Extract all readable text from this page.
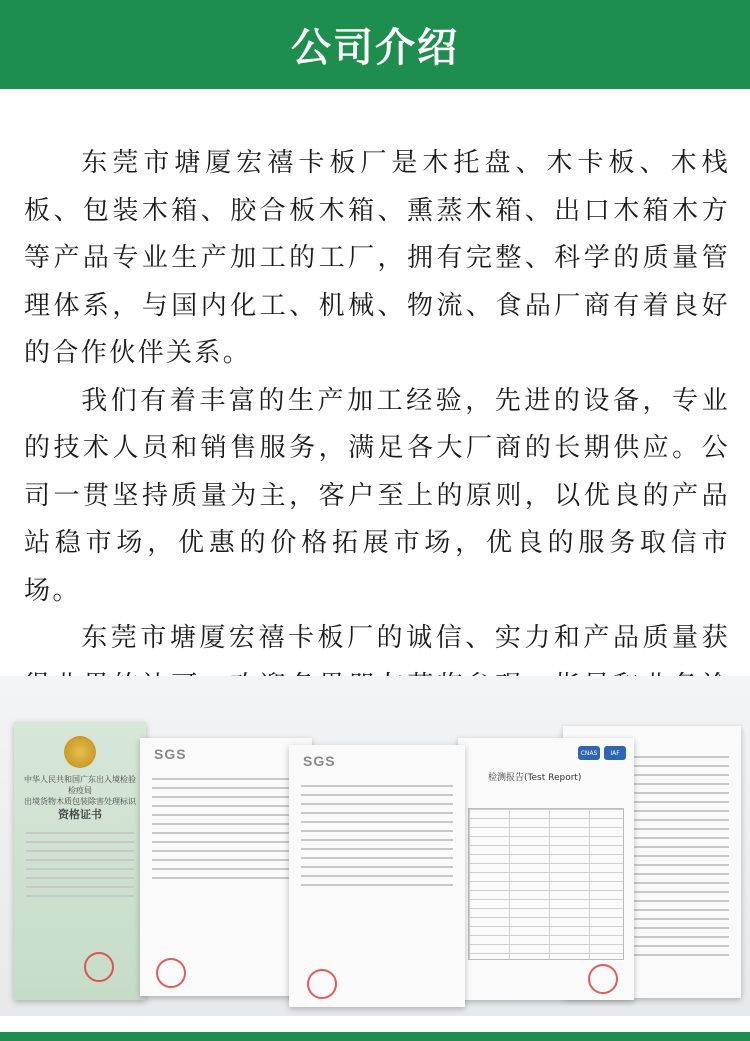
公司介绍

东莞市塘厦宏禧卡板厂是木托盘、木卡板、木栈板、包装木箱、胶合板木箱、熏蒸木箱、出口木箱木方等产品专业生产加工的工厂，拥有完整、科学的质量管理体系，与国内化工、机械、物流、食品厂商有着良好的合作伙伴关系。

我们有着丰富的生产加工经验，先进的设备，专业的技术人员和销售服务，满足各大厂商的长期供应。公司一贯坚持质量为主，客户至上的原则，以优良的产品站稳市场，优惠的价格拓展市场，优良的服务取信市场。

东莞市塘厦宏禧卡板厂的诚信、实力和产品质量获

中华人民共和国广东出入境检验检疫局
出境货物木质包装除害处理标识
资格证书
SGS	SGS
检测报告(Test Report)
CNAS	IAF
